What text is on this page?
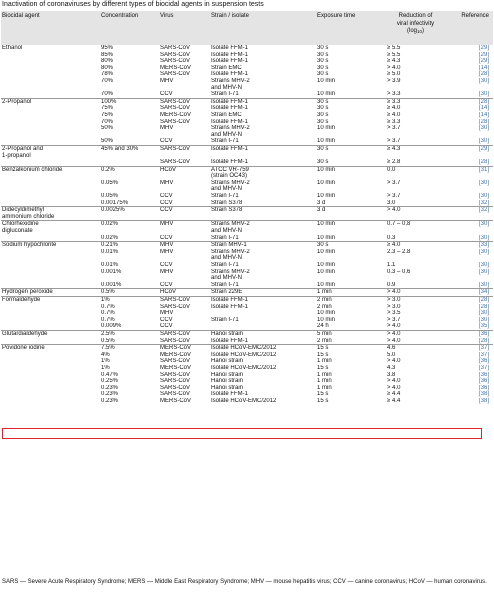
Inactivation of coronaviruses by different types of biocidal agents in suspension tests
Biocidal agent	Concentration	Virus	Strain / isolate	Exposure time	Reduction of
viral infectivity
$(\log_{10})$	Reference
Ethanol	95%	SARS-CoV	Isolate FFM-1	30 s	≥ 5.5	[29]
	85%	SARS-CoV	Isolate FFM-1	30 s	≥ 5.5	[29]
	80%	SARS-CoV	Isolate FFM-1	30 s	≥ 4.3	[29]
	80%	MERS-CoV	Strain EMC	30 s	> 4.0	[14]
	78%	SARS-CoV	Isolate FFM-1	30 s	≥ 5.0	[28]
	70%	MHV	Strains MHV-2
and MHV-N	10 min	> 3.9	[30]
	70%	CCV	Strain I-71	10 min	> 3.3	[30]
2-Propanol	100%	SARS-CoV	Isolate FFM-1	30 s	≥ 3.3	[28]
	75%	SARS-CoV	Isolate FFM-1	30 s	≥ 4.0	[14]
	75%	MERS-CoV	Strain EMC	30 s	≥ 4.0	[14]
	70%	SARS-CoV	Isolate FFM-1	30 s	≥ 3.3	[28]
	50%	MHV	Strains MHV-2
and MHV-N	10 min	> 3.7	[30]
	50%	CCV	Strain I-71	10 min	> 3.7	[30]
2-Propanol and
1-propanol	45% and 30%	SARS-CoV	Isolate FFM-1	30 s	≥ 4.3	[29]
		SARS-CoV	Isolate FFM-1	30 s	≥ 2.8	[28]
Benzalkonium chloride	0.2%	HCoV	ATCC VR-759
(strain OC43)	10 min	0.0	[31]
	0.05%	MHV	Strains MHV-2
and MHV-N	10 min	> 3.7	[30]
	0.05%	CCV	Strain I-71	10 min	> 3.7	[30]
	0.00175%	CCV	Strain S378	3 d	3.0	[32]
Didecyldimethyl
ammonium chloride	0.0025%	CCV	Strain S378	3 d	> 4.0	[32]
Chlorhexidine
digluconate	0.02%	MHV	Strains MHV-2
and MHV-N	10 min	0.7 – 0.8	[30]
	0.02%	CCV	Strain I-71	10 min	0.3	[30]
Sodium hypochlorite	0.21%	MHV	Strain MHV-1	30 s	≥ 4.0	[33]
	0.01%	MHV	Strains MHV-2
and MHV-N	10 min	2.3 – 2.8	[30]
	0.01%	CCV	Strain I-71	10 min	1.1	[30]
	0.001%	MHV	Strains MHV-2
and MHV-N	10 min	0.3 – 0.6	[30]
	0.001%	CCV	Strain I-71	10 min	0.9	[30]
Hydrogen peroxide	0.5%	HCoV	Strain 229E	1 min	> 4.0	[34]
Formaldehyde	1%	SARS-CoV	Isolate FFM-1	2 min	> 3.0	[28]
	0.7%	SARS-CoV	Isolate FFM-1	2 min	> 3.0	[28]
	0.7%	MHV		10 min	> 3.5	[30]
	0.7%	CCV	Strain I-71	10 min	> 3.7	[30]
	0.009%	CCV		24 h	> 4.0	[35]
Glutardialdehyde	2.5%	SARS-CoV	Hanoi strain	5 min	> 4.0	[36]
	0.5%	SARS-CoV	Isolate FFM-1	2 min	> 4.0	[28]
Povidone iodine	7.5%	MERS-CoV	Isolate HCoV-EMC/2012	15 s	4.6	[37]
	4%	MERS-CoV	Isolate HCoV-EMC/2012	15 s	5.0	[37]
	1%	SARS-CoV	Hanoi strain	1 min	> 4.0	[36]
	1%	MERS-CoV	Isolate HCoV-EMC/2012	15 s	4.3	[37]
	0.47%	SARS-CoV	Hanoi strain	1 min	3.8	[36]
	0.25%	SARS-CoV	Hanoi strain	1 min	> 4.0	[36]
	0.23%	SARS-CoV	Hanoi strain	1 min	> 4.0	[36]
	0.23%	SARS-CoV	Isolate FFM-1	15 s	≥ 4.4	[38]
	0.23%	MERS-CoV	Isolate HCoV-EMC/2012	15 s	≥ 4.4	[38]
SARS — Severe Acute Respiratory Syndrome; MERS — Middle East Respiratory Syndrome; MHV — mouse hepatitis virus; CCV — canine coronavirus; HCoV — human coronavirus.
